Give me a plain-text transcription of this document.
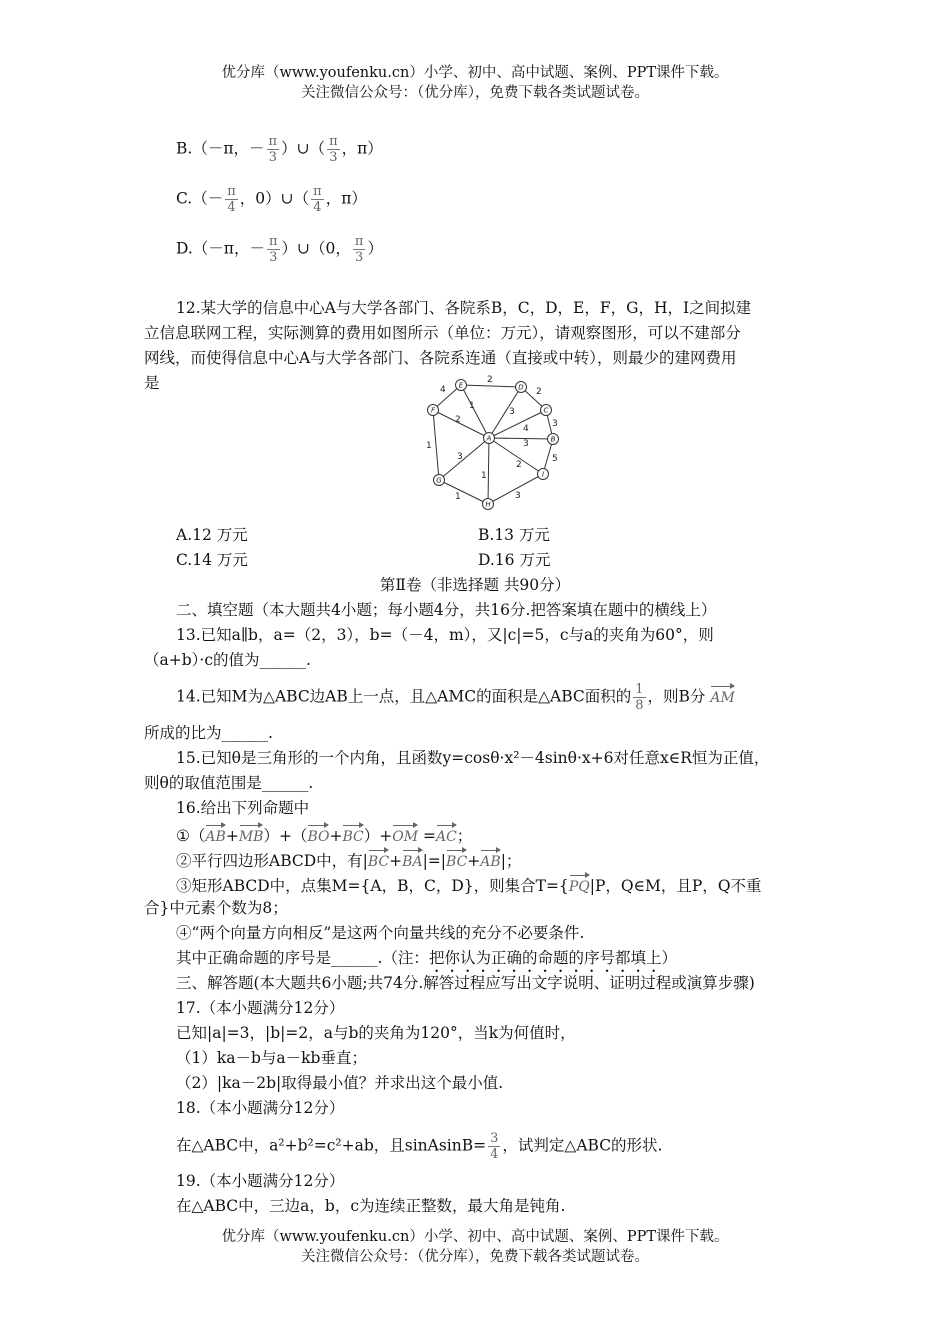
优分库（www.youfenku.cn）小学、初中、高中试题、案例、PPT课件下载。
关注微信公众号：（优分库），免费下载各类试题试卷。
B.（－π，－ $\frac{\pi}{3}$ ）∪（ $\frac{\pi}{3}$ ，π）
$C.(- \frac{\pi}{4}$ ，0）∪（ $\frac{\pi}{4}$ ，π）
D.（－π，－ $\frac{\pi}{3}$ ）∪（0， $\frac{\pi}{3}$ ）
12.某大学的信息中心A与大学各部门、各院系B，C，D，E，F，G，H，I之间拟建
立信息联网工程，实际测算的费用如图所示（单位：万元），请观察图形，可以不建部分
网线，而使得信息中心A与大学各部门、各院系连通（直接或中转），则最少的建网费用
是	4
2
2
3
5
3
1
1
1
3
4
3
2
1
3
2
E	D
C
B
I
H
G
F
A
A.12 万元	B.13 万元
C.14 万元	D.16 万元
第Ⅱ卷（非选择题 共90分）
二、填空题（本大题共4小题；每小题4分，共16分.把答案填在题中的横线上）
13.已知a∥b，a=（2，3），b=（－4，m），又|c|=5，c与a的夹角为60°，则
（a+b）·c的值为______.
14.已知M为△ABC边AB上一点，且△AMC的面积是△ABC面积的 $\frac{1}{8}$ ，则B分 AM
所成的比为______.
15.已知θ是三角形的一个内角，且函数y=cosθ·x²－4sinθ·x+6对任意x∈R恒为正值，
则θ的取值范围是______.
16.给出下列命题中
①（AB+MB）+（BO+BC）+OM =AC；
②平行四边形ABCD中，有|BC+BA|=|BC+AB|；
③矩形ABCD中，点集M={A，B，C，D}，则集合T={PQ|P，Q∈M，且P，Q不重
合}中元素个数为8；
④“两个向量方向相反”是这两个向量共线的充分不必要条件.
其中正确命题的序号是______.（注：把你认为正确的命题的序号都填上）
三、解答题(本大题共6小题;共74分.解答过程应写出文字说明、证明过程或演算步骤)
17.（本小题满分12分）
已知|a|=3，|b|=2，a与b的夹角为120°，当k为何值时，
（1）ka－b与a－kb垂直；
（2）|ka－2b|取得最小值？并求出这个最小值.
18.（本小题满分12分）
在△ABC中，a²+b²=c²+ab，且sinAsinB= $\frac{3}{4}$ ，试判定△ABC的形状.
19.（本小题满分12分）
在△ABC中，三边a，b，c为连续正整数，最大角是钝角.
优分库（www.youfenku.cn）小学、初中、高中试题、案例、PPT课件下载。
关注微信公众号：（优分库），免费下载各类试题试卷。
